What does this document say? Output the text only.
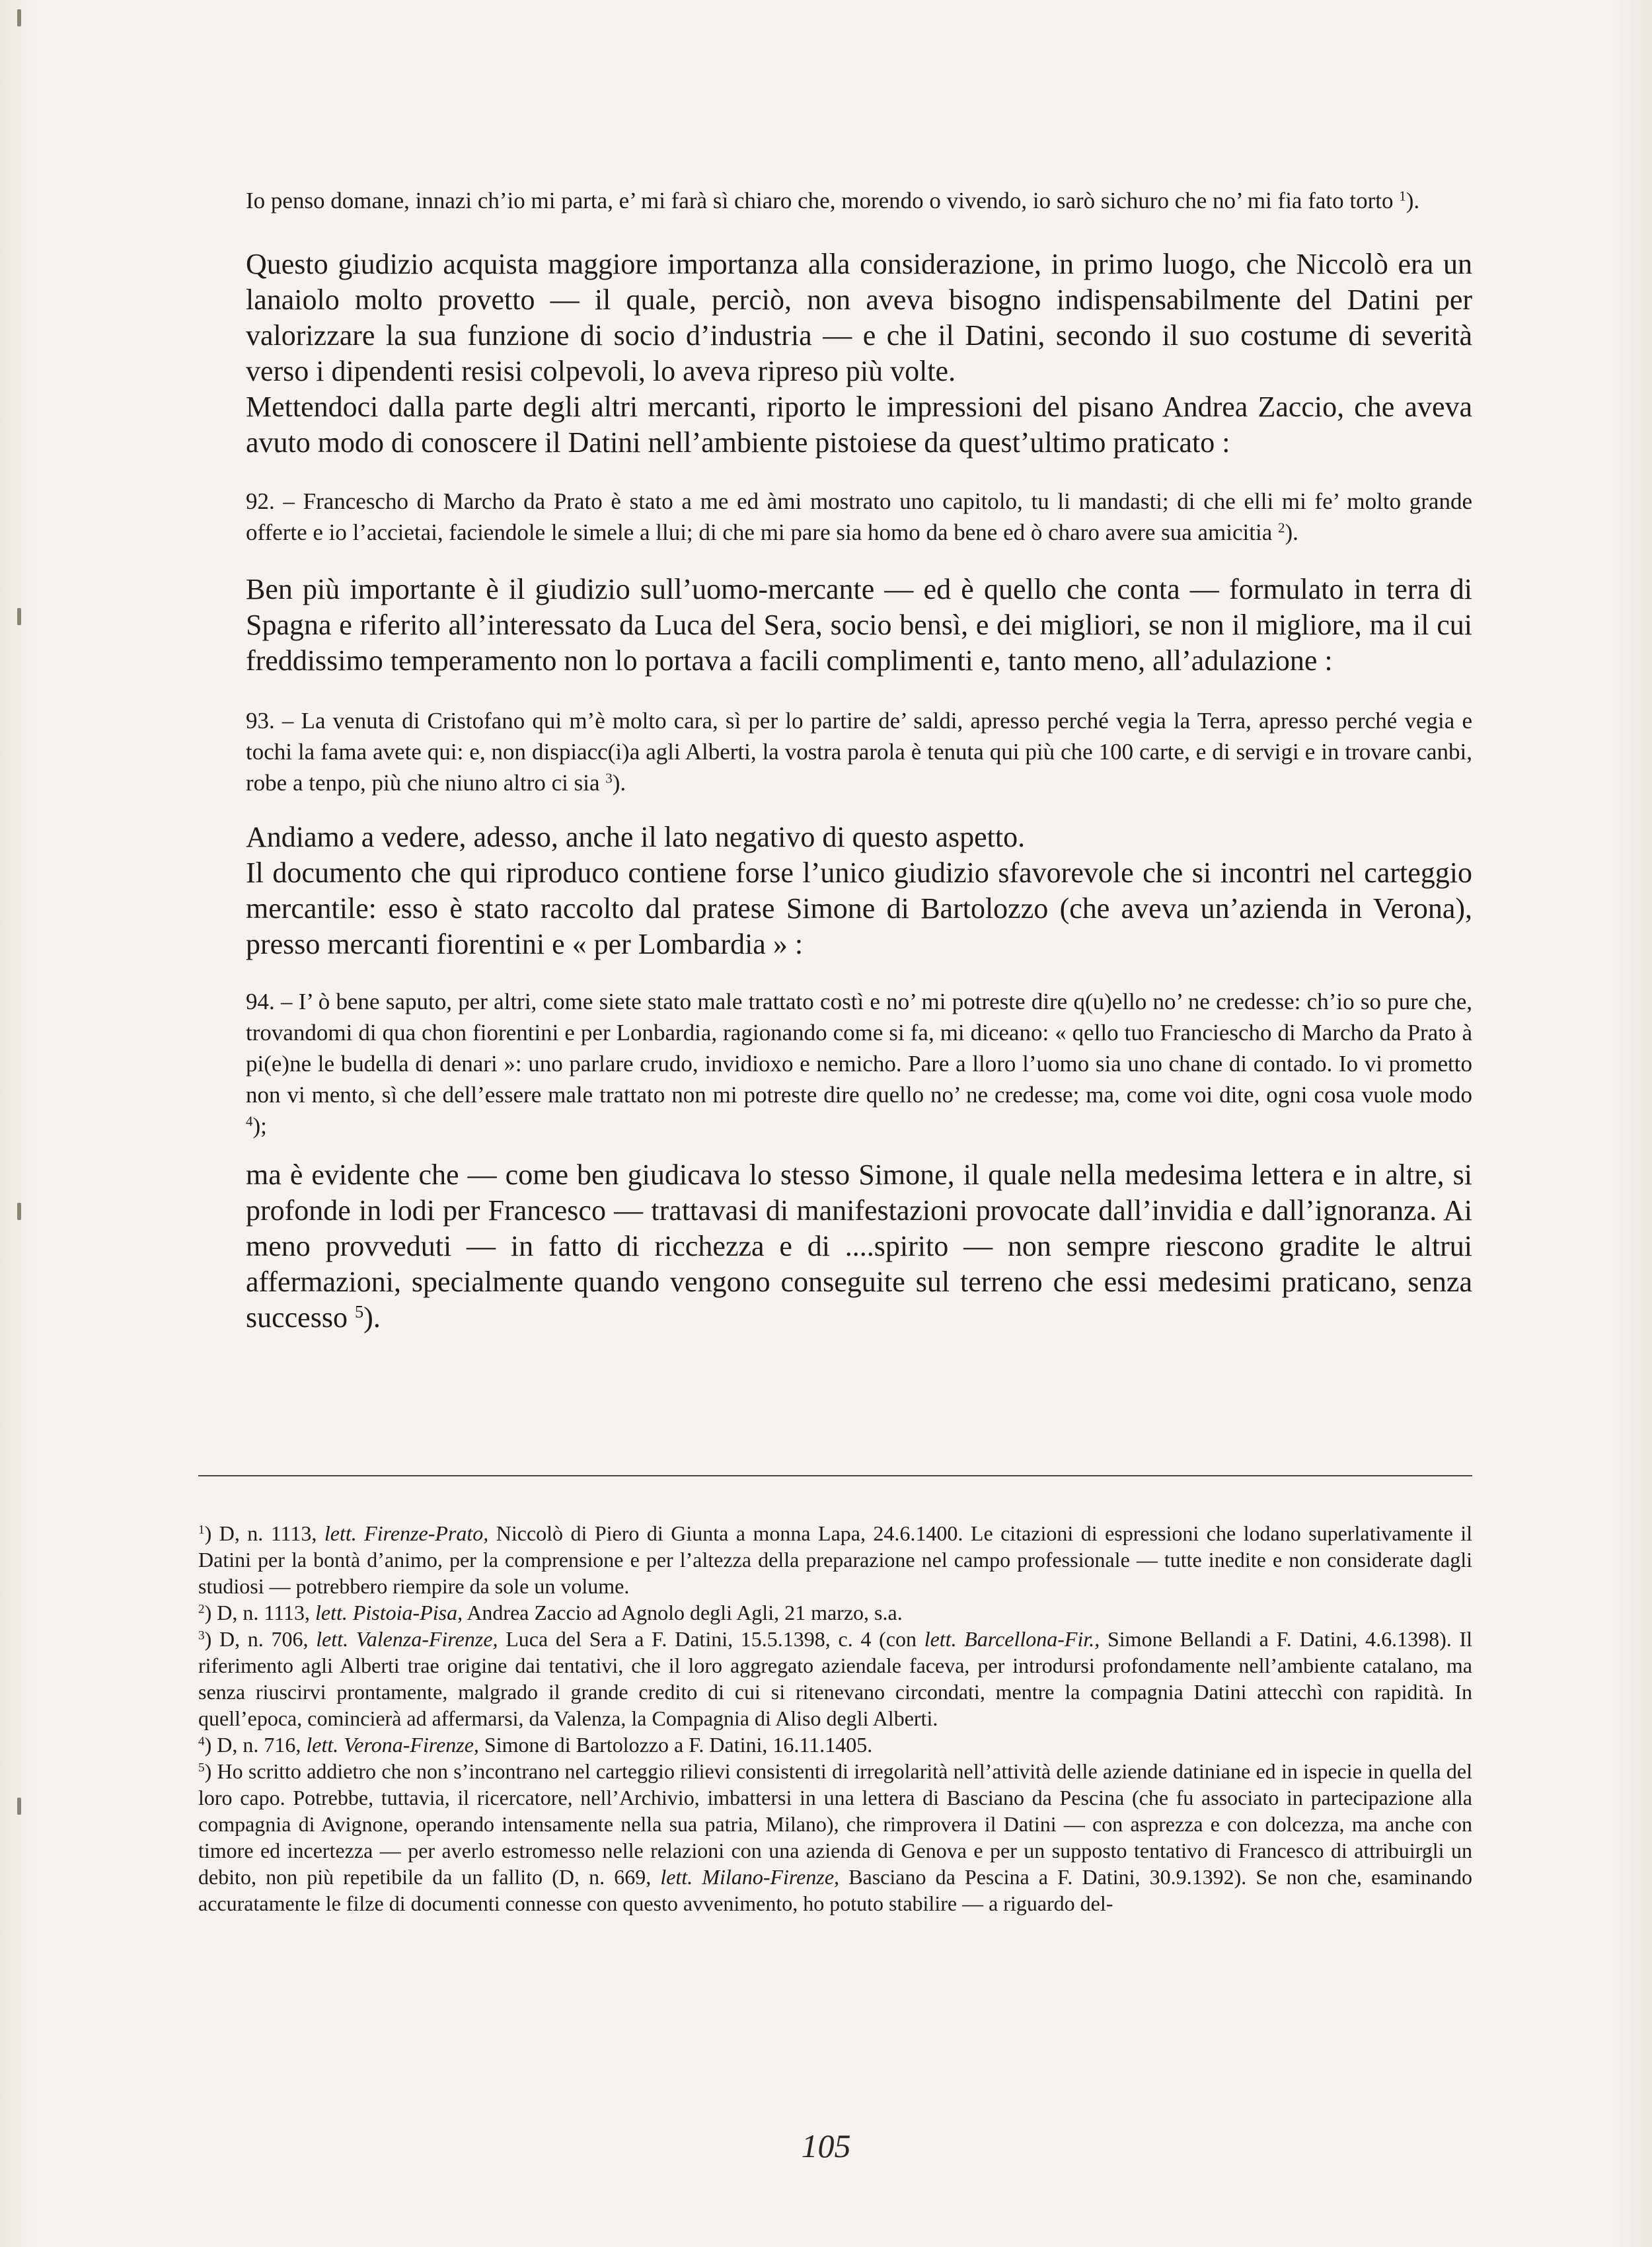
Io penso domane, innazi ch’io mi parta, e’ mi farà sì chiaro che, morendo o vivendo, io sarò sichuro che no’ mi fia fato torto $^1$).

Questo giudizio acquista maggiore importanza alla considerazione, in primo luogo, che Niccolò era un lanaiolo molto provetto — il quale, perciò, non aveva bisogno indispensabilmente del Datini per valorizzare la sua funzione di socio d’industria — e che il Datini, secondo il suo costume di severità verso i dipendenti resisi colpevoli, lo aveva ripreso più volte.

Mettendoci dalla parte degli altri mercanti, riporto le impressioni del pisano Andrea Zaccio, che aveva avuto modo di conoscere il Datini nell’ambiente pistoiese da quest’ultimo praticato :

92. – Franceschо di Marcho da Prato è stato a me ed àmi mostrato uno capitolo, tu li mandasti; di che elli mi fe’ molto grande offerte e io l’accietai, faciendole le simele a llui; di che mi pare sia homo da bene ed ò charo avere sua amicitia $^2$).

Ben più importante è il giudizio sull’uomo-mercante — ed è quello che conta — formulato in terra di Spagna e riferito all’interessato da Luca del Sera, socio bensì, e dei migliori, se non il migliore, ma il cui freddissimo temperamento non lo portava a facili complimenti e, tanto meno, all’adulazione :

93. – La venuta di Cristofano qui m’è molto cara, sì per lo partire de’ saldi, apresso perché vegia la Terra, apresso perché vegia e tochi la fama avete qui: e, non dispiacc(i)a agli Alberti, la vostra parola è tenuta qui più che 100 carte, e di servigi e in trovare canbi, robe a tenpo, più che niuno altro ci sia $^3$).

Andiamo a vedere, adesso, anche il lato negativo di questo aspetto.

Il documento che qui riproduco contiene forse l’unico giudizio sfavorevole che si incontri nel carteggio mercantile: esso è stato raccolto dal pratese Simone di Bartolozzo (che aveva un’azienda in Verona), presso mercanti fiorentini e « per Lombardia » :

94. – I’ ò bene saputo, per altri, come siete stato male trattato costì e no’ mi potreste dire q(u)ello no’ ne credesse: ch’io so pure che, trovandomi di qua chon fiorentini e per Lonbardia, ragionando come si fa, mi diceano: « qello tuo Franciescho di Marcho da Prato à pi(e)ne le budella di denari »: uno parlare crudo, invidioxo e nemicho. Pare a lloro l’uomo sia uno chane di contado. Io vi prometto non vi mento, sì che dell’essere male trattato non mi potreste dire quello no’ ne credesse; ma, come voi dite, ogni cosa vuole modo $^4$);

ma è evidente che — come ben giudicava lo stesso Simone, il quale nella medesima lettera e in altre, si profonde in lodi per Francesco — trattavasi di manifestazioni provocate dall’invidia e dall’ignoranza. Ai meno provveduti — in fatto di ricchezza e di ....spirito — non sempre riescono gradite le altrui affermazioni, specialmente quando vengono conseguite sul terreno che essi medesimi praticano, senza successo $^5$).

$^1$) D, n. 1113, lett. Firenze-Prato, Niccolò di Piero di Giunta a monna Lapa, 24.6.1400. Le citazioni di espressioni che lodano superlativamente il Datini per la bontà d’animo, per la comprensione e per l’altezza della preparazione nel campo professionale — tutte inedite e non considerate dagli studiosi — potrebbero riempire da sole un volume.

$^2$) D, n. 1113, lett. Pistoia-Pisa, Andrea Zaccio ad Agnolo degli Agli, 21 marzo, s.a.

$^3$) D, n. 706, lett. Valenza-Firenze, Luca del Sera a F. Datini, 15.5.1398, c. 4 (con lett. Barcellona-Fir., Simone Bellandi a F. Datini, 4.6.1398). Il riferimento agli Alberti trae origine dai tentativi, che il loro aggregato aziendale faceva, per introdursi profondamente nell’ambiente catalano, ma senza riuscirvi prontamente, malgrado il grande credito di cui si ritenevano circondati, mentre la compagnia Datini attecchì con rapidità. In quell’epoca, comincierà ad affermarsi, da Valenza, la Compagnia di Aliso degli Alberti.

$^4$) D, n. 716, lett. Verona-Firenze, Simone di Bartolozzo a F. Datini, 16.11.1405.

$^5$) Ho scritto addietro che non s’incontrano nel carteggio rilievi consistenti di irregolarità nell’attività delle aziende datiniane ed in ispecie in quella del loro capo. Potrebbe, tuttavia, il ricercatore, nell’Archivio, imbattersi in una lettera di Basciano da Pescina (che fu associato in partecipazione alla compagnia di Avignone, operando intensamente nella sua patria, Milano), che rimprovera il Datini — con asprezza e con dolcezza, ma anche con timore ed incertezza — per averlo estromesso nelle relazioni con una azienda di Genova e per un supposto tentativo di Francesco di attribuirgli un debito, non più repetibile da un fallito (D, n. 669, lett. Milano-Firenze, Basciano da Pescina a F. Datini, 30.9.1392). Se non che, esaminando accuratamente le filze di documenti connesse con questo avvenimento, ho potuto stabilire — a riguardo del-

105
